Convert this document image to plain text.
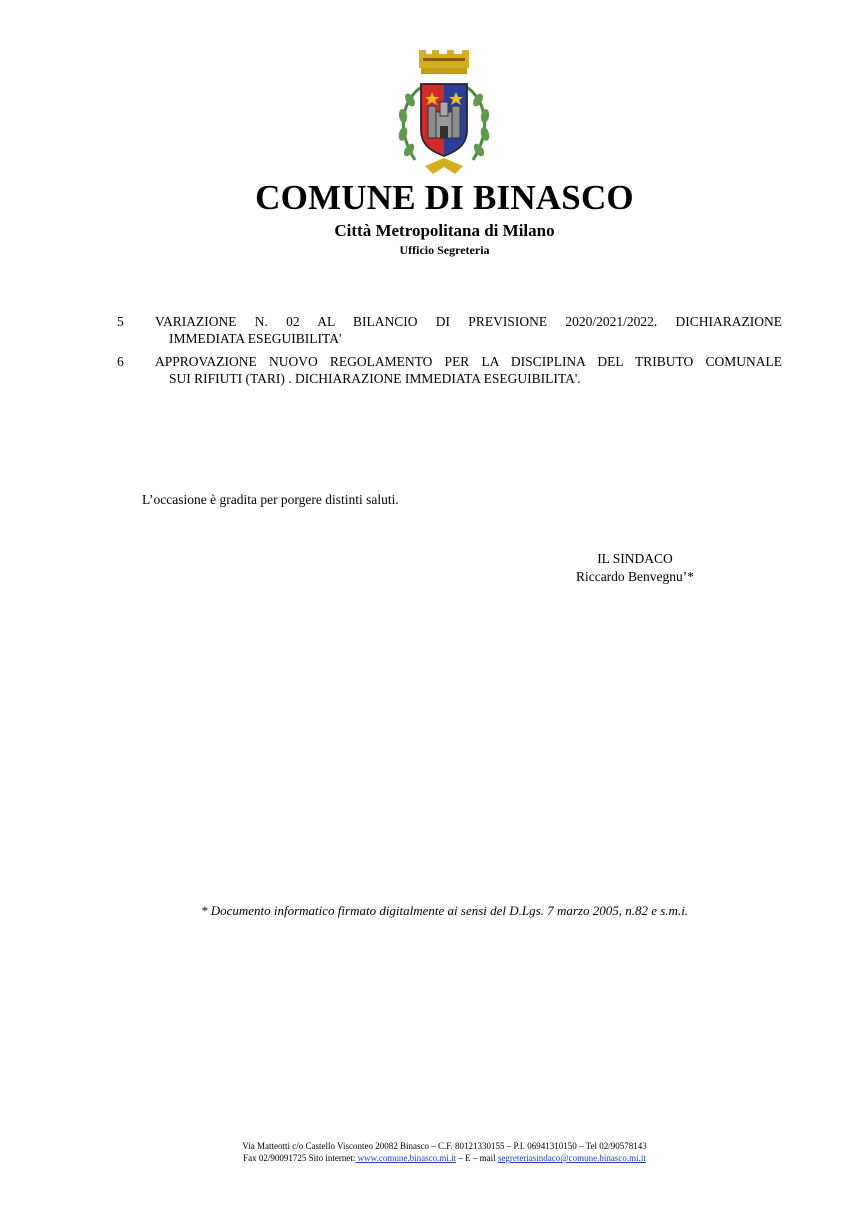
COMUNE DI BINASCO
Città Metropolitana di Milano
Ufficio Segreteria
5 VARIAZIONE N. 02 AL BILANCIO DI PREVISIONE 2020/2021/2022. DICHIARAZIONE
IMMEDIATA ESEGUIBILITA'
6 APPROVAZIONE NUOVO REGOLAMENTO PER LA DISCIPLINA DEL TRIBUTO COMUNALE
SUI RIFIUTI (TARI) . DICHIARAZIONE IMMEDIATA ESEGUIBILITA'.
L’occasione è gradita per porgere distinti saluti.
IL SINDACO
Riccardo Benvegnu’*
* Documento informatico firmato digitalmente ai sensi del D.Lgs. 7 marzo 2005, n.82 e s.m.i.
Via Matteotti c/o Castello Visconteo 20082 Binasco – C.F. 80121330155 – P.I. 06941310150 – Tel 02/90578143
Fax 02/90091725 Sito internet: www.comune.binasco.mi.it – E – mail segreteriasindaco@comune.binasco.mi.it
